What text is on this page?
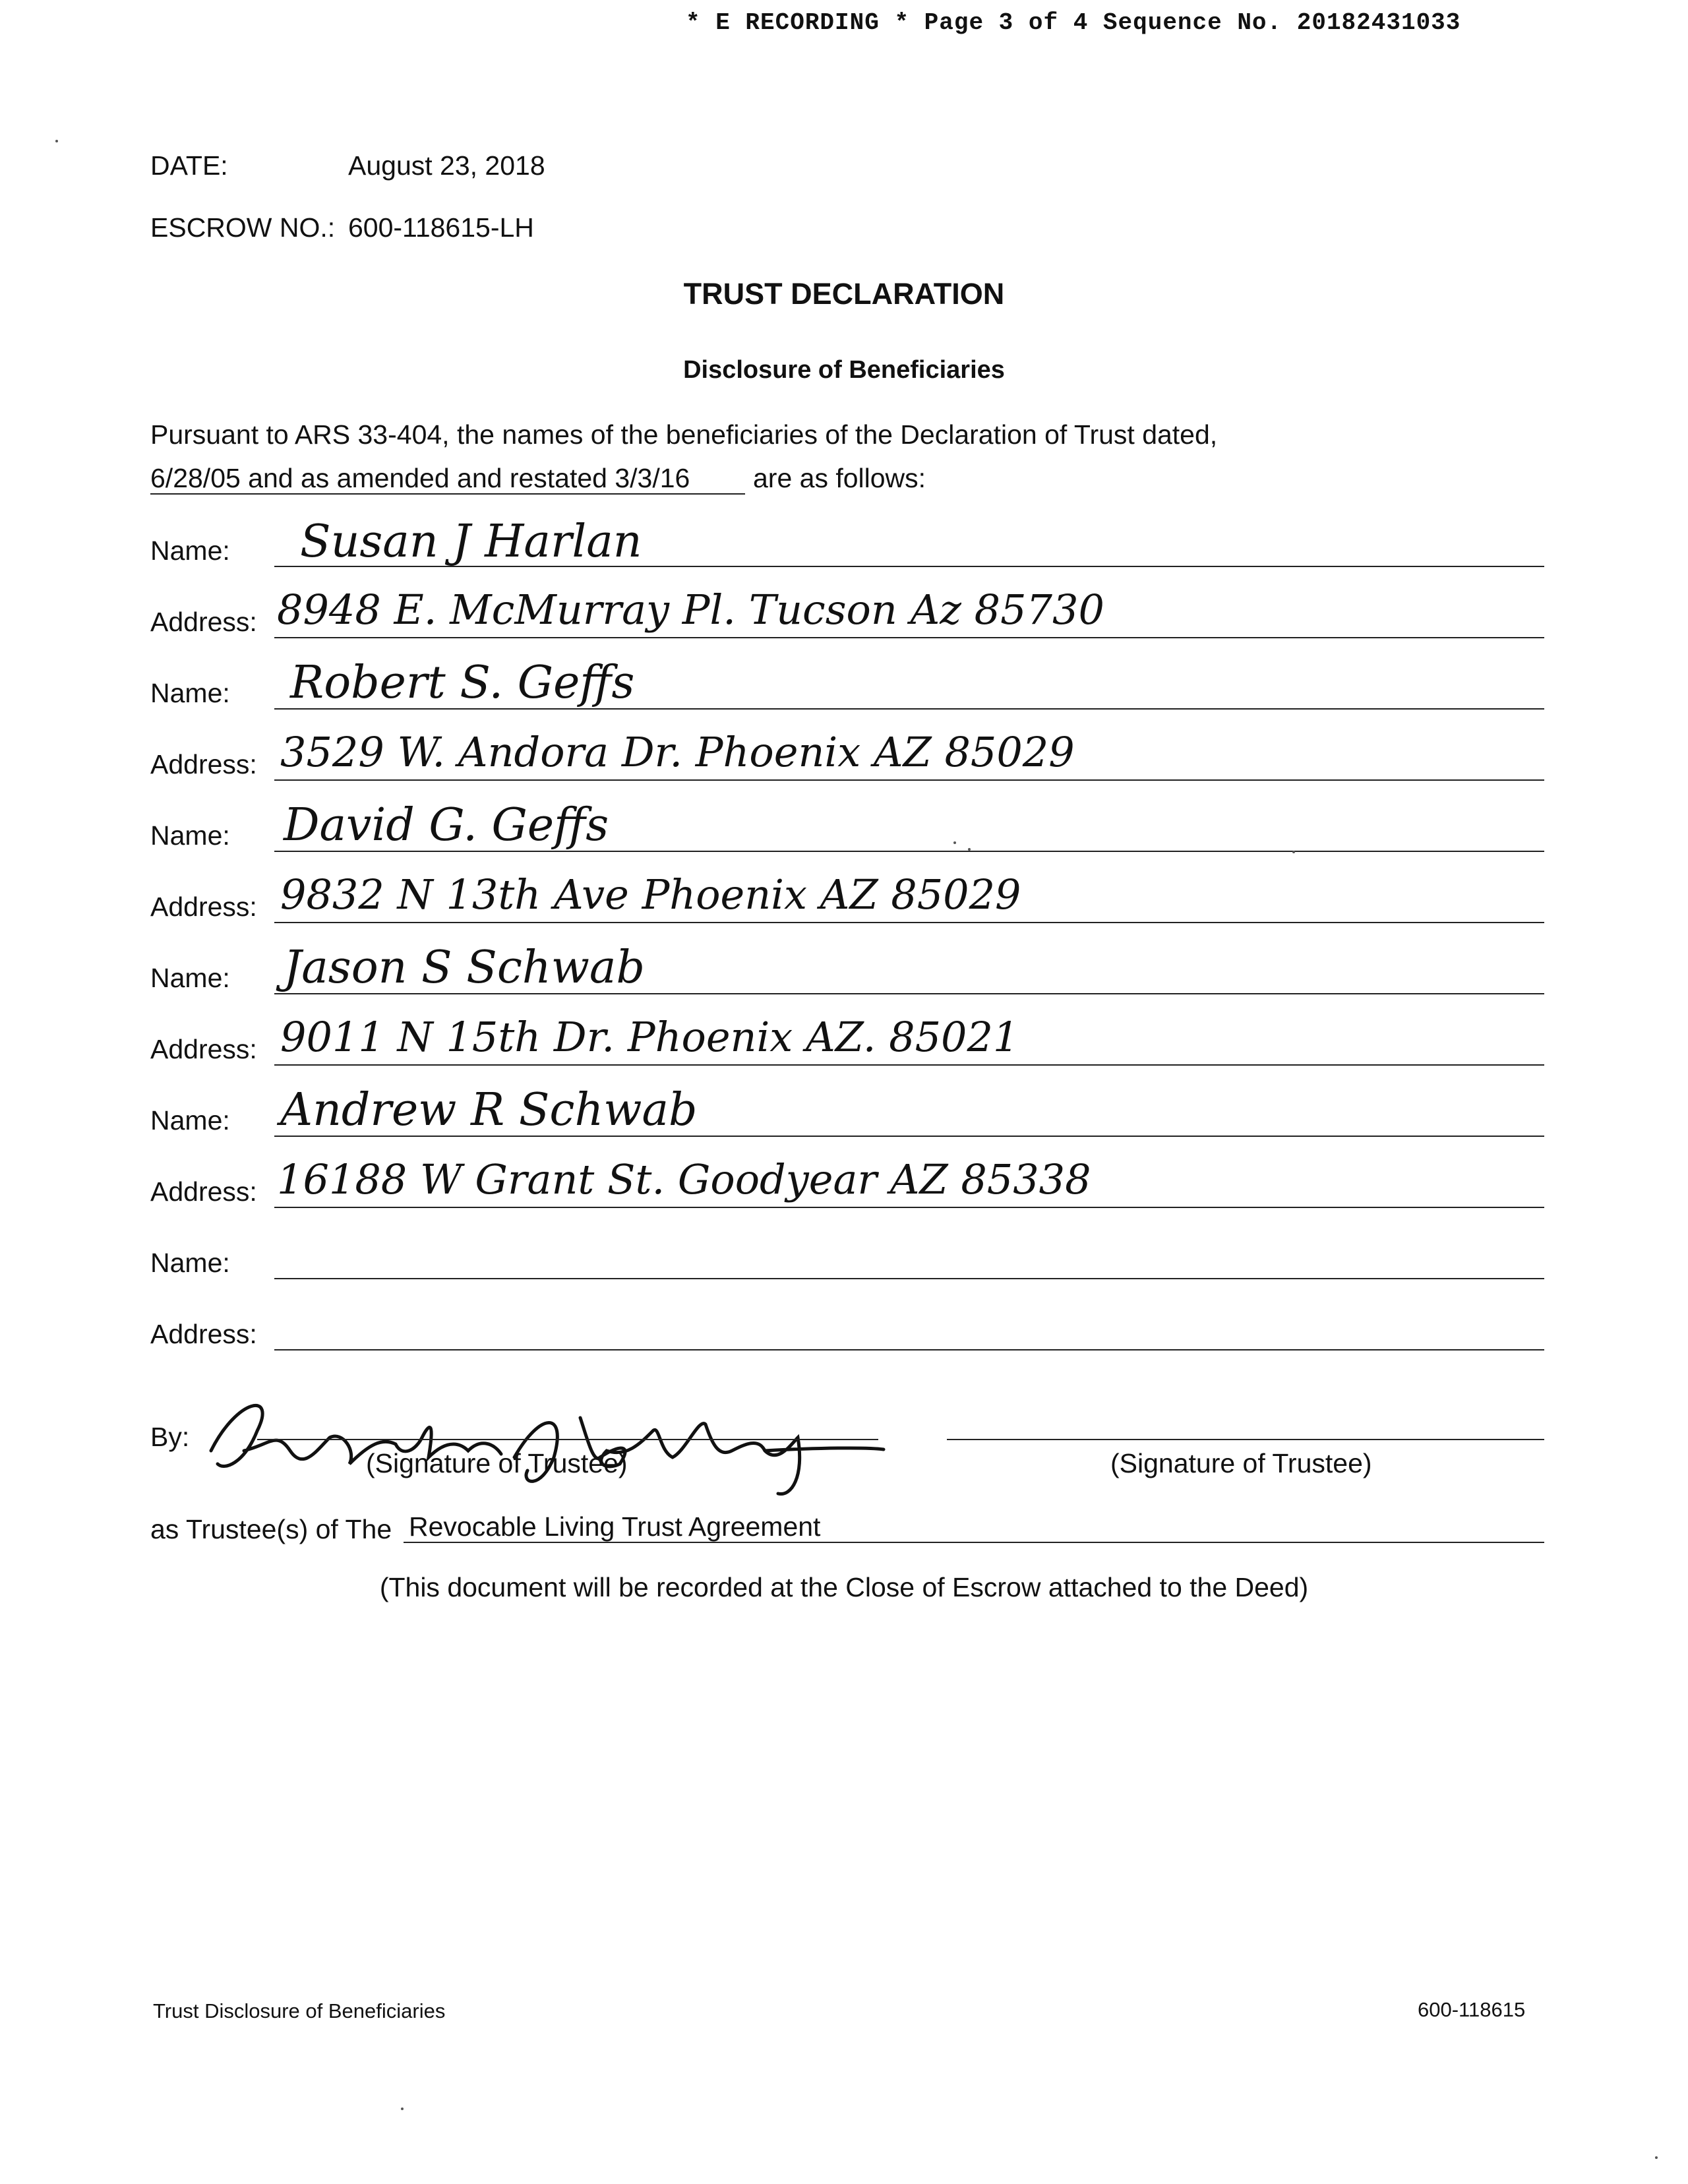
* E RECORDING * Page 3 of 4 Sequence No. 20182431033
DATE:	August 23, 2018
ESCROW NO.: 600-118615-LH
TRUST DECLARATION
Disclosure of Beneficiaries
Pursuant to ARS 33-404, the names of the beneficiaries of the Declaration of Trust dated,
6/28/05 and as amended and restated 3/3/16 are as follows:
Name: Susan J Harlan
Address: 8948 E. McMurray Pl. Tucson Az 85730
Name: Robert S. Geffs
Address: 3529 W. Andora Dr. Phoenix AZ 85029
Name: David G. Geffs
Address: 9832 N 13th Ave Phoenix AZ 85029
Name: Jason S Schwab
Address: 9011 N 15th Dr. Phoenix AZ. 85021
Name: Andrew R Schwab
Address: 16188 W Grant St. Goodyear AZ 85338
Name:
Address:
By:
(Signature of Trustee)	(Signature of Trustee)
as Trustee(s) of The Revocable Living Trust Agreement
(This document will be recorded at the Close of Escrow attached to the Deed)
Trust Disclosure of Beneficiaries	600-118615
